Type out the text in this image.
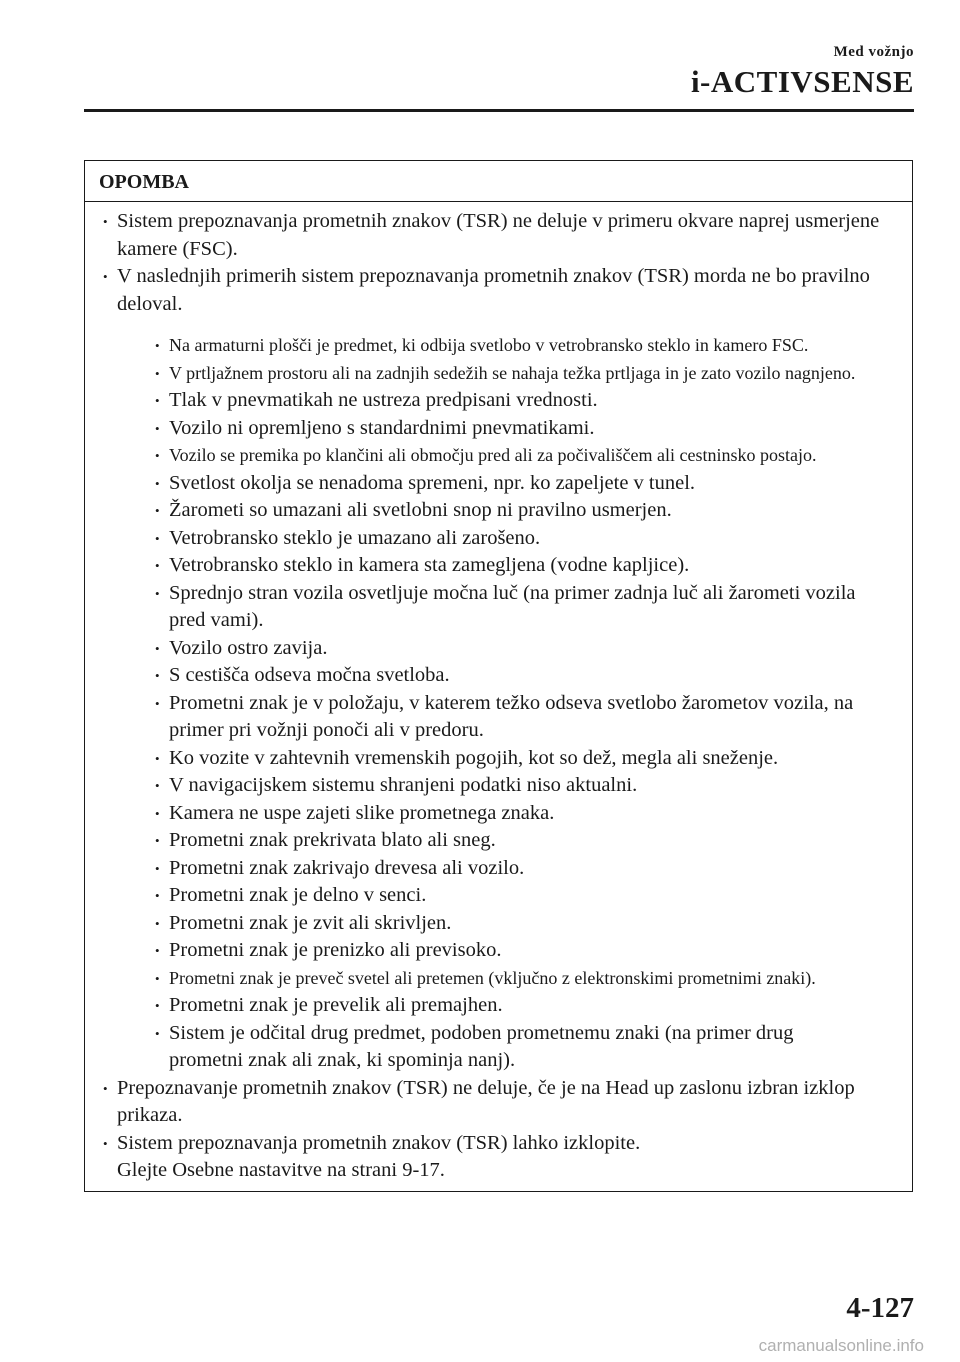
Med vožnjo
i-ACTIVSENSE
OPOMBA
• Sistem prepoznavanja prometnih znakov (TSR) ne deluje v primeru okvare naprej usmerjene kamere (FSC).
• V naslednjih primerih sistem prepoznavanja prometnih znakov (TSR) morda ne bo pravilno deloval.
• Na armaturni plošči je predmet, ki odbija svetlobo v vetrobransko steklo in kamero FSC.
• V prtljažnem prostoru ali na zadnjih sedežih se nahaja težka prtljaga in je zato vozilo nagnjeno.
• Tlak v pnevmatikah ne ustreza predpisani vrednosti.
• Vozilo ni opremljeno s standardnimi pnevmatikami.
• Vozilo se premika po klančini ali območju pred ali za počivališčem ali cestninsko postajo.
• Svetlost okolja se nenadoma spremeni, npr. ko zapeljete v tunel.
• Žarometi so umazani ali svetlobni snop ni pravilno usmerjen.
• Vetrobransko steklo je umazano ali zarošeno.
• Vetrobransko steklo in kamera sta zamegljena (vodne kapljice).
• Sprednjo stran vozila osvetljuje močna luč (na primer zadnja luč ali žarometi vozila pred vami).
• Vozilo ostro zavija.
• S cestišča odseva močna svetloba.
• Prometni znak je v položaju, v katerem težko odseva svetlobo žarometov vozila, na primer pri vožnji ponoči ali v predoru.
• Ko vozite v zahtevnih vremenskih pogojih, kot so dež, megla ali sneženje.
• V navigacijskem sistemu shranjeni podatki niso aktualni.
• Kamera ne uspe zajeti slike prometnega znaka.
• Prometni znak prekrivata blato ali sneg.
• Prometni znak zakrivajo drevesa ali vozilo.
• Prometni znak je delno v senci.
• Prometni znak je zvit ali skrivljen.
• Prometni znak je prenizko ali previsoko.
• Prometni znak je preveč svetel ali pretemen (vključno z elektronskimi prometnimi znaki).
• Prometni znak je prevelik ali premajhen.
• Sistem je odčital drug predmet, podoben prometnemu znaki (na primer drug prometni znak ali znak, ki spominja nanj).
• Prepoznavanje prometnih znakov (TSR) ne deluje, če je na Head up zaslonu izbran izklop prikaza.
• Sistem prepoznavanja prometnih znakov (TSR) lahko izklopite.
Glejte Osebne nastavitve na strani 9-17.
4-127
carmanualsonline.info
